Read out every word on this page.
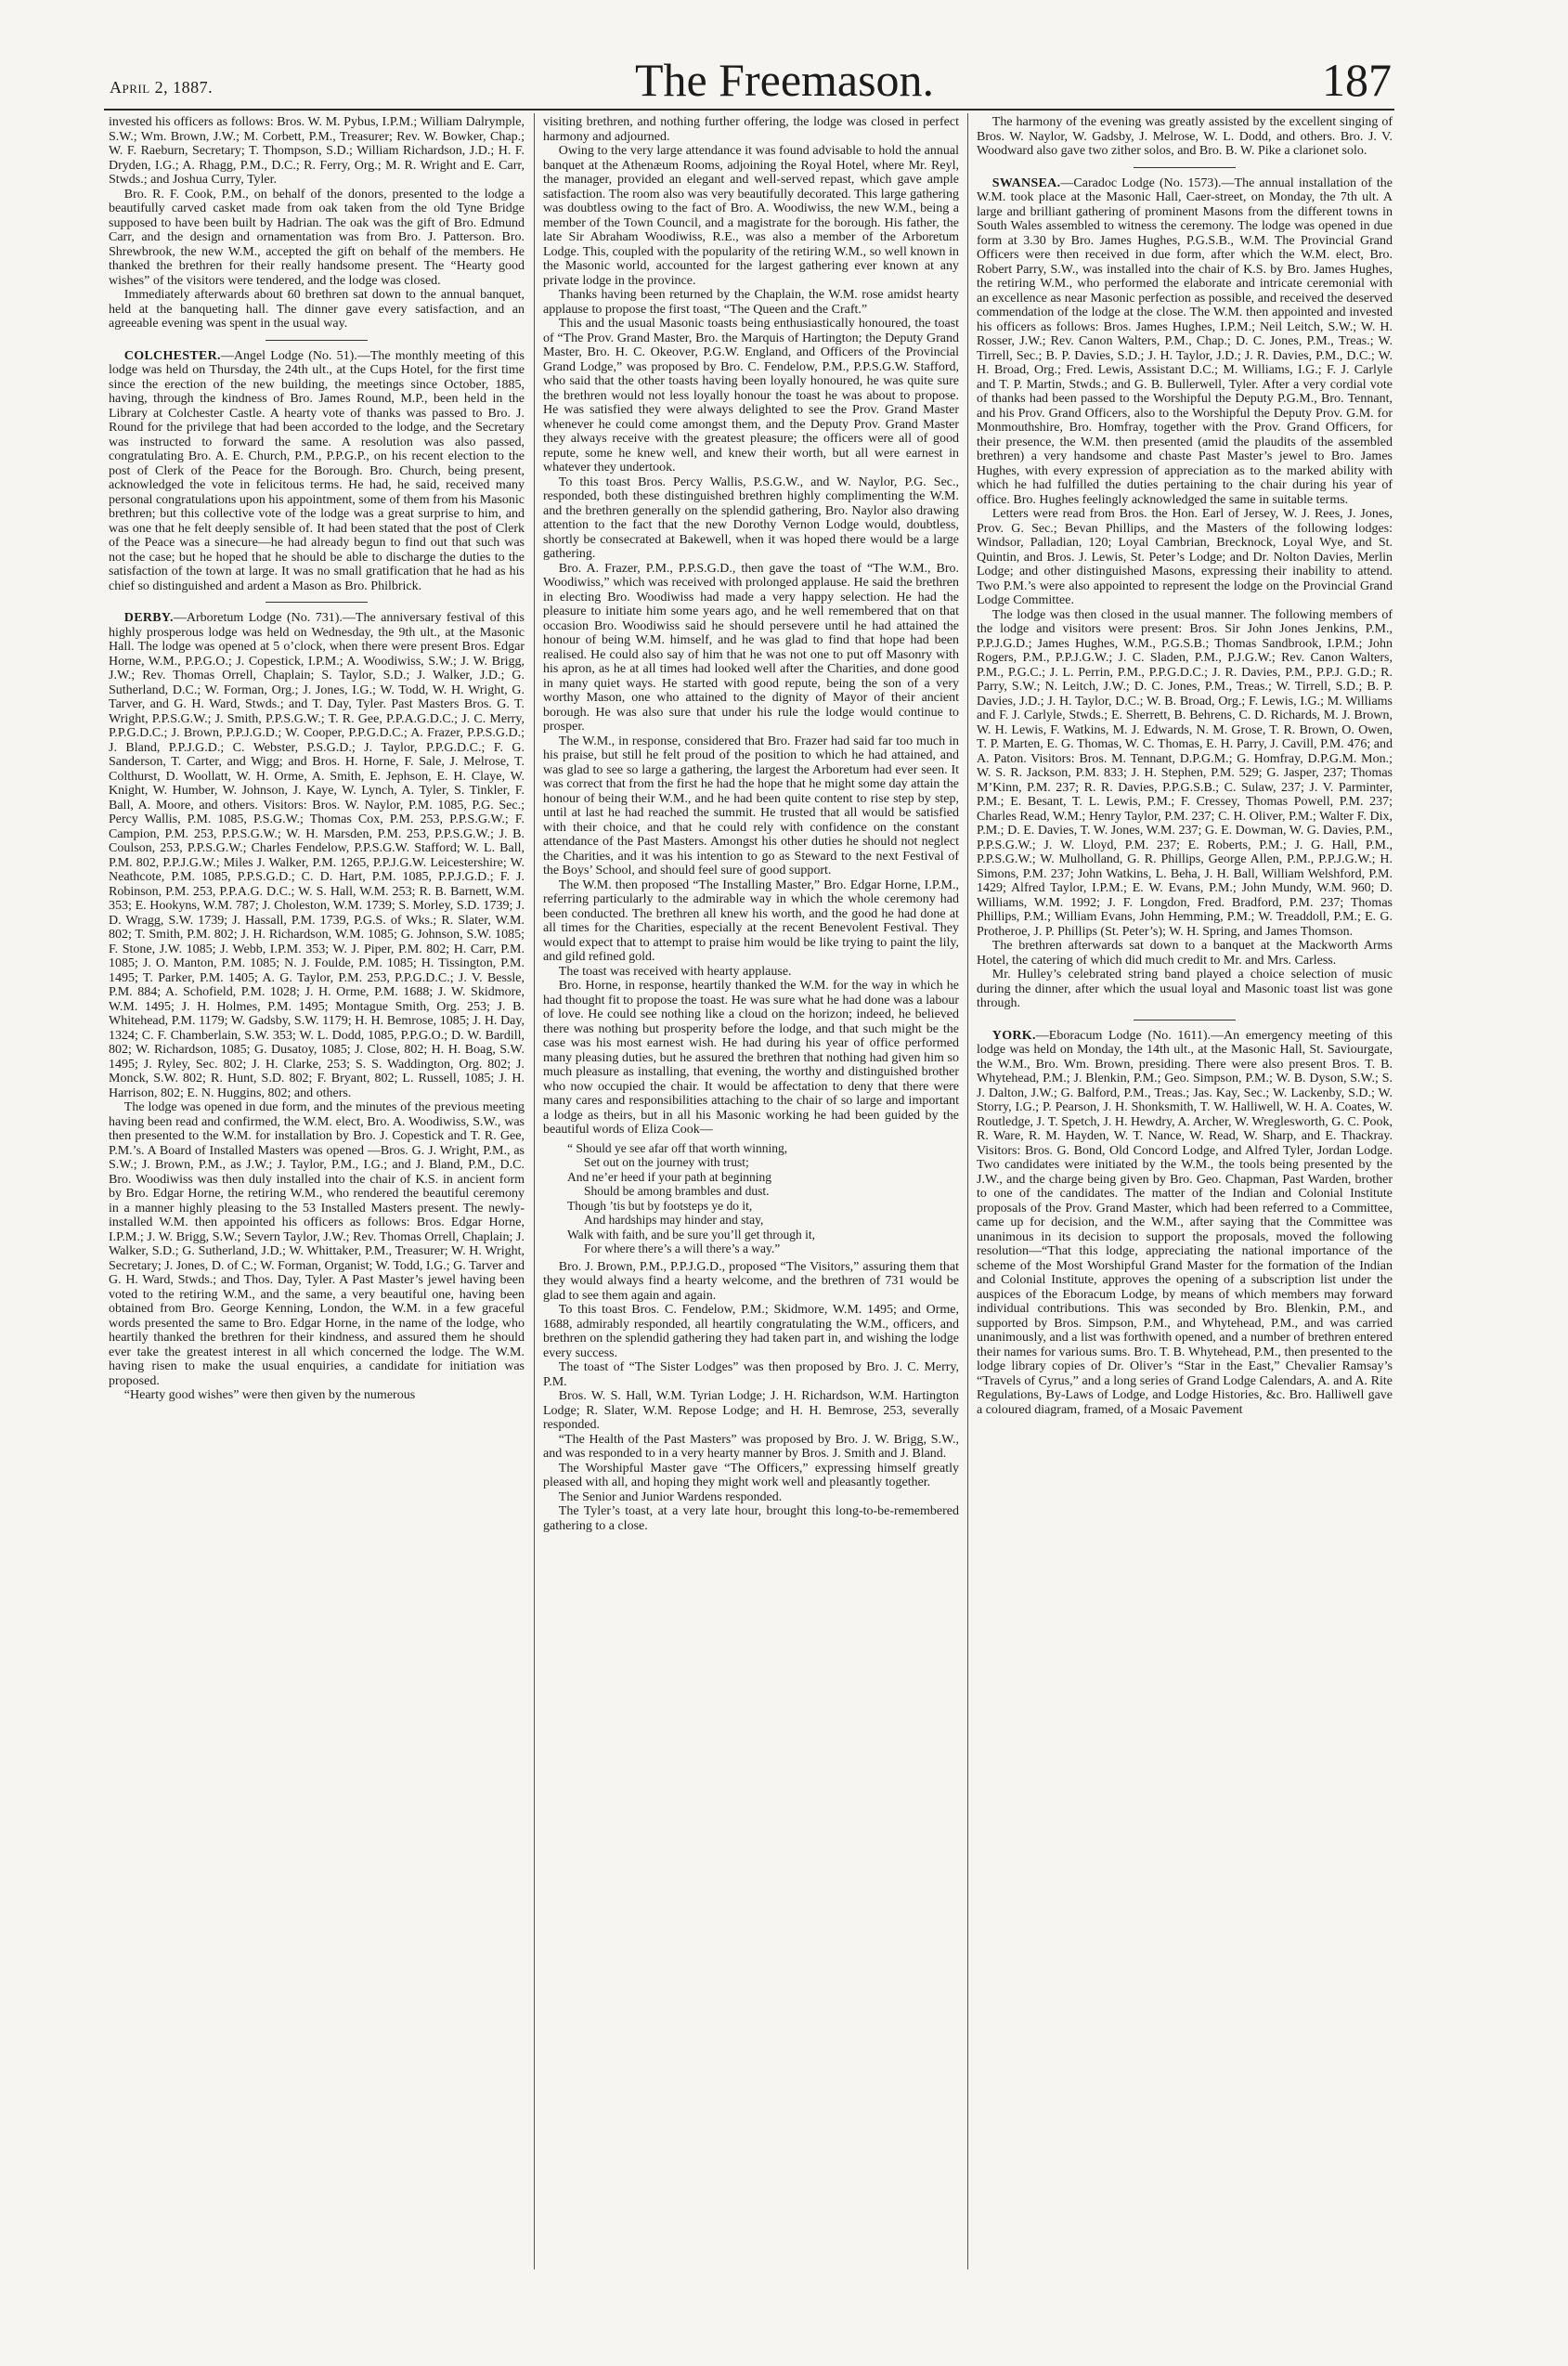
April 2, 1887.	The Freemason.	187

invested his officers as follows: Bros. W. M. Pybus, I.P.M.; William Dalrymple, S.W.; Wm. Brown, J.W.; M. Corbett, P.M., Treasurer; Rev. W. Bowker, Chap.; W. F. Raeburn, Secretary; T. Thompson, S.D.; William Richardson, J.D.; H. F. Dryden, I.G.; A. Rhagg, P.M., D.C.; R. Ferry, Org.; M. R. Wright and E. Carr, Stwds.; and Joshua Curry, Tyler.

Bro. R. F. Cook, P.M., on behalf of the donors, presented to the lodge a beautifully carved casket made from oak taken from the old Tyne Bridge supposed to have been built by Hadrian. The oak was the gift of Bro. Edmund Carr, and the design and ornamentation was from Bro. J. Patterson. Bro. Shrewbrook, the new W.M., accepted the gift on behalf of the members. He thanked the brethren for their really handsome present. The “Hearty good wishes” of the visitors were tendered, and the lodge was closed.

Immediately afterwards about 60 brethren sat down to the annual banquet, held at the banqueting hall. The dinner gave every satisfaction, and an agreeable evening was spent in the usual way.

COLCHESTER.—Angel Lodge (No. 51).—The monthly meeting of this lodge was held on Thursday, the 24th ult., at the Cups Hotel, for the first time since the erection of the new building, the meetings since October, 1885, having, through the kindness of Bro. James Round, M.P., been held in the Library at Colchester Castle. A hearty vote of thanks was passed to Bro. J. Round for the privilege that had been accorded to the lodge, and the Secretary was instructed to forward the same. A resolution was also passed, congratulating Bro. A. E. Church, P.M., P.P.G.P., on his recent election to the post of Clerk of the Peace for the Borough. Bro. Church, being present, acknowledged the vote in felicitous terms. He had, he said, received many personal congratulations upon his appointment, some of them from his Masonic brethren; but this collective vote of the lodge was a great surprise to him, and was one that he felt deeply sensible of. It had been stated that the post of Clerk of the Peace was a sinecure—he had already begun to find out that such was not the case; but he hoped that he should be able to discharge the duties to the satisfaction of the town at large. It was no small gratification that he had as his chief so distinguished and ardent a Mason as Bro. Philbrick.

DERBY.—Arboretum Lodge (No. 731).—The anniversary festival of this highly prosperous lodge was held on Wednesday, the 9th ult., at the Masonic Hall. The lodge was opened at 5 o’clock, when there were present Bros. Edgar Horne, W.M., P.P.G.O.; J. Copestick, I.P.M.; A. Woodiwiss, S.W.; J. W. Brigg, J.W.; Rev. Thomas Orrell, Chaplain; S. Taylor, S.D.; J. Walker, J.D.; G. Sutherland, D.C.; W. Forman, Org.; J. Jones, I.G.; W. Todd, W. H. Wright, G. Tarver, and G. H. Ward, Stwds.; and T. Day, Tyler. Past Masters Bros. G. T. Wright, P.P.S.G.W.; J. Smith, P.P.S.G.W.; T. R. Gee, P.P.A.G.D.C.; J. C. Merry, P.P.G.D.C.; J. Brown, P.P.J.G.D.; W. Cooper, P.P.G.D.C.; A. Frazer, P.P.S.G.D.; J. Bland, P.P.J.G.D.; C. Webster, P.S.G.D.; J. Taylor, P.P.G.D.C.; F. G. Sanderson, T. Carter, and Wigg; and Bros. H. Horne, F. Sale, J. Melrose, T. Colthurst, D. Woollatt, W. H. Orme, A. Smith, E. Jephson, E. H. Claye, W. Knight, W. Humber, W. Johnson, J. Kaye, W. Lynch, A. Tyler, S. Tinkler, F. Ball, A. Moore, and others. Visitors: Bros. W. Naylor, P.M. 1085, P.G. Sec.; Percy Wallis, P.M. 1085, P.S.G.W.; Thomas Cox, P.M. 253, P.P.S.G.W.; F. Campion, P.M. 253, P.P.S.G.W.; W. H. Marsden, P.M. 253, P.P.S.G.W.; J. B. Coulson, 253, P.P.S.G.W.; Charles Fendelow, P.P.S.G.W. Stafford; W. L. Ball, P.M. 802, P.P.J.G.W.; Miles J. Walker, P.M. 1265, P.P.J.G.W. Leicestershire; W. Neathcote, P.M. 1085, P.P.S.G.D.; C. D. Hart, P.M. 1085, P.P.J.G.D.; F. J. Robinson, P.M. 253, P.P.A.G. D.C.; W. S. Hall, W.M. 253; R. B. Barnett, W.M. 353; E. Hookyns, W.M. 787; J. Choleston, W.M. 1739; S. Morley, S.D. 1739; J. D. Wragg, S.W. 1739; J. Hassall, P.M. 1739, P.G.S. of Wks.; R. Slater, W.M. 802; T. Smith, P.M. 802; J. H. Richardson, W.M. 1085; G. Johnson, S.W. 1085; F. Stone, J.W. 1085; J. Webb, I.P.M. 353; W. J. Piper, P.M. 802; H. Carr, P.M. 1085; J. O. Manton, P.M. 1085; N. J. Foulde, P.M. 1085; H. Tissington, P.M. 1495; T. Parker, P.M. 1405; A. G. Taylor, P.M. 253, P.P.G.D.C.; J. V. Bessle, P.M. 884; A. Schofield, P.M. 1028; J. H. Orme, P.M. 1688; J. W. Skidmore, W.M. 1495; J. H. Holmes, P.M. 1495; Montague Smith, Org. 253; J. B. Whitehead, P.M. 1179; W. Gadsby, S.W. 1179; H. H. Bemrose, 1085; J. H. Day, 1324; C. F. Chamberlain, S.W. 353; W. L. Dodd, 1085, P.P.G.O.; D. W. Bardill, 802; W. Richardson, 1085; G. Dusatoy, 1085; J. Close, 802; H. H. Boag, S.W. 1495; J. Ryley, Sec. 802; J. H. Clarke, 253; S. S. Waddington, Org. 802; J. Monck, S.W. 802; R. Hunt, S.D. 802; F. Bryant, 802; L. Russell, 1085; J. H. Harrison, 802; E. N. Huggins, 802; and others.

The lodge was opened in due form, and the minutes of the previous meeting having been read and confirmed, the W.M. elect, Bro. A. Woodiwiss, S.W., was then presented to the W.M. for installation by Bro. J. Copestick and T. R. Gee, P.M.’s. A Board of Installed Masters was opened —Bros. G. J. Wright, P.M., as S.W.; J. Brown, P.M., as J.W.; J. Taylor, P.M., I.G.; and J. Bland, P.M., D.C. Bro. Woodiwiss was then duly installed into the chair of K.S. in ancient form by Bro. Edgar Horne, the retiring W.M., who rendered the beautiful ceremony in a manner highly pleasing to the 53 Installed Masters present. The newly-installed W.M. then appointed his officers as follows: Bros. Edgar Horne, I.P.M.; J. W. Brigg, S.W.; Severn Taylor, J.W.; Rev. Thomas Orrell, Chaplain; J. Walker, S.D.; G. Sutherland, J.D.; W. Whittaker, P.M., Treasurer; W. H. Wright, Secretary; J. Jones, D. of C.; W. Forman, Organist; W. Todd, I.G.; G. Tarver and G. H. Ward, Stwds.; and Thos. Day, Tyler. A Past Master’s jewel having been voted to the retiring W.M., and the same, a very beautiful one, having been obtained from Bro. George Kenning, London, the W.M. in a few graceful words presented the same to Bro. Edgar Horne, in the name of the lodge, who heartily thanked the brethren for their kindness, and assured them he should ever take the greatest interest in all which concerned the lodge. The W.M. having risen to make the usual enquiries, a candidate for initiation was proposed.

“Hearty good wishes” were then given by the numerous

visiting brethren, and nothing further offering, the lodge was closed in perfect harmony and adjourned.

Owing to the very large attendance it was found advisable to hold the annual banquet at the Athenæum Rooms, adjoining the Royal Hotel, where Mr. Reyl, the manager, provided an elegant and well-served repast, which gave ample satisfaction. The room also was very beautifully decorated. This large gathering was doubtless owing to the fact of Bro. A. Woodiwiss, the new W.M., being a member of the Town Council, and a magistrate for the borough. His father, the late Sir Abraham Woodiwiss, R.E., was also a member of the Arboretum Lodge. This, coupled with the popularity of the retiring W.M., so well known in the Masonic world, accounted for the largest gathering ever known at any private lodge in the province.

Thanks having been returned by the Chaplain, the W.M. rose amidst hearty applause to propose the first toast, “The Queen and the Craft.”

This and the usual Masonic toasts being enthusiastically honoured, the toast of “The Prov. Grand Master, Bro. the Marquis of Hartington; the Deputy Grand Master, Bro. H. C. Okeover, P.G.W. England, and Officers of the Provincial Grand Lodge,” was proposed by Bro. C. Fendelow, P.M., P.P.S.G.W. Stafford, who said that the other toasts having been loyally honoured, he was quite sure the brethren would not less loyally honour the toast he was about to propose. He was satisfied they were always delighted to see the Prov. Grand Master whenever he could come amongst them, and the Deputy Prov. Grand Master they always receive with the greatest pleasure; the officers were all of good repute, some he knew well, and knew their worth, but all were earnest in whatever they undertook.

To this toast Bros. Percy Wallis, P.S.G.W., and W. Naylor, P.G. Sec., responded, both these distinguished brethren highly complimenting the W.M. and the brethren generally on the splendid gathering, Bro. Naylor also drawing attention to the fact that the new Dorothy Vernon Lodge would, doubtless, shortly be consecrated at Bakewell, when it was hoped there would be a large gathering.

Bro. A. Frazer, P.M., P.P.S.G.D., then gave the toast of “The W.M., Bro. Woodiwiss,” which was received with prolonged applause. He said the brethren in electing Bro. Woodiwiss had made a very happy selection. He had the pleasure to initiate him some years ago, and he well remembered that on that occasion Bro. Woodiwiss said he should persevere until he had attained the honour of being W.M. himself, and he was glad to find that hope had been realised. He could also say of him that he was not one to put off Masonry with his apron, as he at all times had looked well after the Charities, and done good in many quiet ways. He started with good repute, being the son of a very worthy Mason, one who attained to the dignity of Mayor of their ancient borough. He was also sure that under his rule the lodge would continue to prosper.

The W.M., in response, considered that Bro. Frazer had said far too much in his praise, but still he felt proud of the position to which he had attained, and was glad to see so large a gathering, the largest the Arboretum had ever seen. It was correct that from the first he had the hope that he might some day attain the honour of being their W.M., and he had been quite content to rise step by step, until at last he had reached the summit. He trusted that all would be satisfied with their choice, and that he could rely with confidence on the constant attendance of the Past Masters. Amongst his other duties he should not neglect the Charities, and it was his intention to go as Steward to the next Festival of the Boys’ School, and should feel sure of good support.

The W.M. then proposed “The Installing Master,” Bro. Edgar Horne, I.P.M., referring particularly to the admirable way in which the whole ceremony had been conducted. The brethren all knew his worth, and the good he had done at all times for the Charities, especially at the recent Benevolent Festival. They would expect that to attempt to praise him would be like trying to paint the lily, and gild refined gold.

The toast was received with hearty applause.

Bro. Horne, in response, heartily thanked the W.M. for the way in which he had thought fit to propose the toast. He was sure what he had done was a labour of love. He could see nothing like a cloud on the horizon; indeed, he believed there was nothing but prosperity before the lodge, and that such might be the case was his most earnest wish. He had during his year of office performed many pleasing duties, but he assured the brethren that nothing had given him so much pleasure as installing, that evening, the worthy and distinguished brother who now occupied the chair. It would be affectation to deny that there were many cares and responsibilities attaching to the chair of so large and important a lodge as theirs, but in all his Masonic working he had been guided by the beautiful words of Eliza Cook—

“ Should ye see afar off that worth winning,
Set out on the journey with trust;
And ne’er heed if your path at beginning
Should be among brambles and dust.
Though ’tis but by footsteps ye do it,
And hardships may hinder and stay,
Walk with faith, and be sure you’ll get through it,
For where there’s a will there’s a way.”

Bro. J. Brown, P.M., P.P.J.G.D., proposed “The Visitors,” assuring them that they would always find a hearty welcome, and the brethren of 731 would be glad to see them again and again.

To this toast Bros. C. Fendelow, P.M.; Skidmore, W.M. 1495; and Orme, 1688, admirably responded, all heartily congratulating the W.M., officers, and brethren on the splendid gathering they had taken part in, and wishing the lodge every success.

The toast of “The Sister Lodges” was then proposed by Bro. J. C. Merry, P.M.

Bros. W. S. Hall, W.M. Tyrian Lodge; J. H. Richardson, W.M. Hartington Lodge; R. Slater, W.M. Repose Lodge; and H. H. Bemrose, 253, severally responded.

“The Health of the Past Masters” was proposed by Bro. J. W. Brigg, S.W., and was responded to in a very hearty manner by Bros. J. Smith and J. Bland.

The Worshipful Master gave “The Officers,” expressing himself greatly pleased with all, and hoping they might work well and pleasantly together.

The Senior and Junior Wardens responded.

The Tyler’s toast, at a very late hour, brought this long-to-be-remembered gathering to a close.

The harmony of the evening was greatly assisted by the excellent singing of Bros. W. Naylor, W. Gadsby, J. Melrose, W. L. Dodd, and others. Bro. J. V. Woodward also gave two zither solos, and Bro. B. W. Pike a clarionet solo.

SWANSEA.—Caradoc Lodge (No. 1573).—The annual installation of the W.M. took place at the Masonic Hall, Caer-street, on Monday, the 7th ult. A large and brilliant gathering of prominent Masons from the different towns in South Wales assembled to witness the ceremony. The lodge was opened in due form at 3.30 by Bro. James Hughes, P.G.S.B., W.M. The Provincial Grand Officers were then received in due form, after which the W.M. elect, Bro. Robert Parry, S.W., was installed into the chair of K.S. by Bro. James Hughes, the retiring W.M., who performed the elaborate and intricate ceremonial with an excellence as near Masonic perfection as possible, and received the deserved commendation of the lodge at the close. The W.M. then appointed and invested his officers as follows: Bros. James Hughes, I.P.M.; Neil Leitch, S.W.; W. H. Rosser, J.W.; Rev. Canon Walters, P.M., Chap.; D. C. Jones, P.M., Treas.; W. Tirrell, Sec.; B. P. Davies, S.D.; J. H. Taylor, J.D.; J. R. Davies, P.M., D.C.; W. H. Broad, Org.; Fred. Lewis, Assistant D.C.; M. Williams, I.G.; F. J. Carlyle and T. P. Martin, Stwds.; and G. B. Bullerwell, Tyler. After a very cordial vote of thanks had been passed to the Worshipful the Deputy P.G.M., Bro. Tennant, and his Prov. Grand Officers, also to the Worshipful the Deputy Prov. G.M. for Monmouthshire, Bro. Homfray, together with the Prov. Grand Officers, for their presence, the W.M. then presented (amid the plaudits of the assembled brethren) a very handsome and chaste Past Master’s jewel to Bro. James Hughes, with every expression of appreciation as to the marked ability with which he had fulfilled the duties pertaining to the chair during his year of office. Bro. Hughes feelingly acknowledged the same in suitable terms.

Letters were read from Bros. the Hon. Earl of Jersey, W. J. Rees, J. Jones, Prov. G. Sec.; Bevan Phillips, and the Masters of the following lodges: Windsor, Palladian, 120; Loyal Cambrian, Brecknock, Loyal Wye, and St. Quintin, and Bros. J. Lewis, St. Peter’s Lodge; and Dr. Nolton Davies, Merlin Lodge; and other distinguished Masons, expressing their inability to attend. Two P.M.’s were also appointed to represent the lodge on the Provincial Grand Lodge Committee.

The lodge was then closed in the usual manner. The following members of the lodge and visitors were present: Bros. Sir John Jones Jenkins, P.M., P.P.J.G.D.; James Hughes, W.M., P.G.S.B.; Thomas Sandbrook, I.P.M.; John Rogers, P.M., P.P.J.G.W.; J. C. Sladen, P.M., P.J.G.W.; Rev. Canon Walters, P.M., P.G.C.; J. L. Perrin, P.M., P.P.G.D.C.; J. R. Davies, P.M., P.P.J. G.D.; R. Parry, S.W.; N. Leitch, J.W.; D. C. Jones, P.M., Treas.; W. Tirrell, S.D.; B. P. Davies, J.D.; J. H. Taylor, D.C.; W. B. Broad, Org.; F. Lewis, I.G.; M. Williams and F. J. Carlyle, Stwds.; E. Sherrett, B. Behrens, C. D. Richards, M. J. Brown, W. H. Lewis, F. Watkins, M. J. Edwards, N. M. Grose, T. R. Brown, O. Owen, T. P. Marten, E. G. Thomas, W. C. Thomas, E. H. Parry, J. Cavill, P.M. 476; and A. Paton. Visitors: Bros. M. Tennant, D.P.G.M.; G. Homfray, D.P.G.M. Mon.; W. S. R. Jackson, P.M. 833; J. H. Stephen, P.M. 529; G. Jasper, 237; Thomas M’Kinn, P.M. 237; R. R. Davies, P.P.G.S.B.; C. Sulaw, 237; J. V. Parminter, P.M.; E. Besant, T. L. Lewis, P.M.; F. Cressey, Thomas Powell, P.M. 237; Charles Read, W.M.; Henry Taylor, P.M. 237; C. H. Oliver, P.M.; Walter F. Dix, P.M.; D. E. Davies, T. W. Jones, W.M. 237; G. E. Dowman, W. G. Davies, P.M., P.P.S.G.W.; J. W. Lloyd, P.M. 237; E. Roberts, P.M.; J. G. Hall, P.M., P.P.S.G.W.; W. Mulholland, G. R. Phillips, George Allen, P.M., P.P.J.G.W.; H. Simons, P.M. 237; John Watkins, L. Beha, J. H. Ball, William Welshford, P.M. 1429; Alfred Taylor, I.P.M.; E. W. Evans, P.M.; John Mundy, W.M. 960; D. Williams, W.M. 1992; J. F. Longdon, Fred. Bradford, P.M. 237; Thomas Phillips, P.M.; William Evans, John Hemming, P.M.; W. Treaddoll, P.M.; E. G. Protheroe, J. P. Phillips (St. Peter’s); W. H. Spring, and James Thomson.

The brethren afterwards sat down to a banquet at the Mackworth Arms Hotel, the catering of which did much credit to Mr. and Mrs. Carless.

Mr. Hulley’s celebrated string band played a choice selection of music during the dinner, after which the usual loyal and Masonic toast list was gone through.

YORK.—Eboracum Lodge (No. 1611).—An emergency meeting of this lodge was held on Monday, the 14th ult., at the Masonic Hall, St. Saviourgate, the W.M., Bro. Wm. Brown, presiding. There were also present Bros. T. B. Whytehead, P.M.; J. Blenkin, P.M.; Geo. Simpson, P.M.; W. B. Dyson, S.W.; S. J. Dalton, J.W.; G. Balford, P.M., Treas.; Jas. Kay, Sec.; W. Lackenby, S.D.; W. Storry, I.G.; P. Pearson, J. H. Shonksmith, T. W. Halliwell, W. H. A. Coates, W. Routledge, J. T. Spetch, J. H. Hewdry, A. Archer, W. Wreglesworth, G. C. Pook, R. Ware, R. M. Hayden, W. T. Nance, W. Read, W. Sharp, and E. Thackray. Visitors: Bros. G. Bond, Old Concord Lodge, and Alfred Tyler, Jordan Lodge. Two candidates were initiated by the W.M., the tools being presented by the J.W., and the charge being given by Bro. Geo. Chapman, Past Warden, brother to one of the candidates. The matter of the Indian and Colonial Institute proposals of the Prov. Grand Master, which had been referred to a Committee, came up for decision, and the W.M., after saying that the Committee was unanimous in its decision to support the proposals, moved the following resolution—“That this lodge, appreciating the national importance of the scheme of the Most Worshipful Grand Master for the formation of the Indian and Colonial Institute, approves the opening of a subscription list under the auspices of the Eboracum Lodge, by means of which members may forward individual contributions. This was seconded by Bro. Blenkin, P.M., and supported by Bros. Simpson, P.M., and Whytehead, P.M., and was carried unanimously, and a list was forthwith opened, and a number of brethren entered their names for various sums. Bro. T. B. Whytehead, P.M., then presented to the lodge library copies of Dr. Oliver’s “Star in the East,” Chevalier Ramsay’s “Travels of Cyrus,” and a long series of Grand Lodge Calendars, A. and A. Rite Regulations, By-Laws of Lodge, and Lodge Histories, &c. Bro. Halliwell gave a coloured diagram, framed, of a Mosaic Pavement
